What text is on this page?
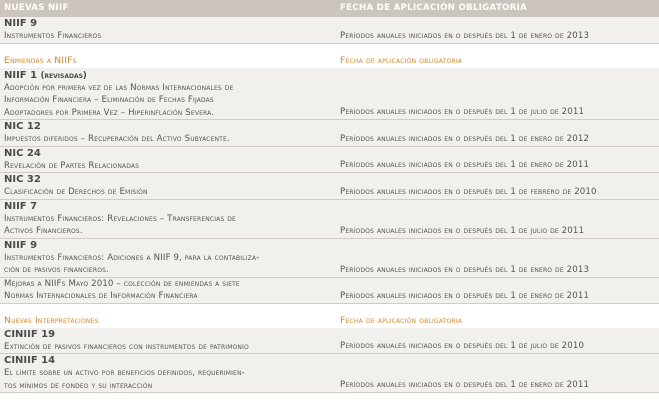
NUEVAS NIIF	FECHA DE APLICACIÓN OBLIGATORIA
NIIF 9
Instrumentos Financieros	Períodos anuales iniciados en o después del 1 de enero de 2013
Enmiendas a NIIFs	Fecha de aplicación obligatoria
NIIF 1 (revisadas)
Adopción por primera vez de las Normas Internacionales de
Información Financiera – Eliminación de Fechas Fijadas
Adoptadores por Primera Vez – Hiperinflación Severa.	Períodos anuales iniciados en o después del 1 de julio de 2011
NIC 12
Impuestos diferidos – Recuperación del Activo Subyacente.	Períodos anuales iniciados en o después del 1 de enero de 2012
NIC 24
Revelación de Partes Relacionadas	Períodos anuales iniciados en o después del 1 de enero de 2011
NIC 32
Clasificación de Derechos de Emisión	Períodos anuales iniciados en o después del 1 de febrero de 2010
NIIF 7
Instrumentos Financieros: Revelaciones – Transferencias de
Activos Financieros.	Períodos anuales iniciados en o después del 1 de julio de 2011
NIIF 9
Instrumentos Financieros: Adiciones a NIIF 9, para la contabiliza-
ción de pasivos financieros.	Períodos anuales iniciados en o después del 1 de enero de 2013
Mejoras a NIIFs Mayo 2010 – colección de enmiendas a siete
Normas Internacionales de Información Financiera	Períodos anuales iniciados en o después del 1 de enero de 2011
Nuevas Interpretaciones	Fecha de aplicación obligatoria
CINIIF 19
Extinción de pasivos financieros con instrumentos de patrimonio	Períodos anuales iniciados en o después del 1 de julio de 2010
CINIIF 14
El límite sobre un activo por beneficios definidos, requerimien-
tos mínimos de fondeo y su interacción	Períodos anuales iniciados en o después del 1 de enero de 2011
